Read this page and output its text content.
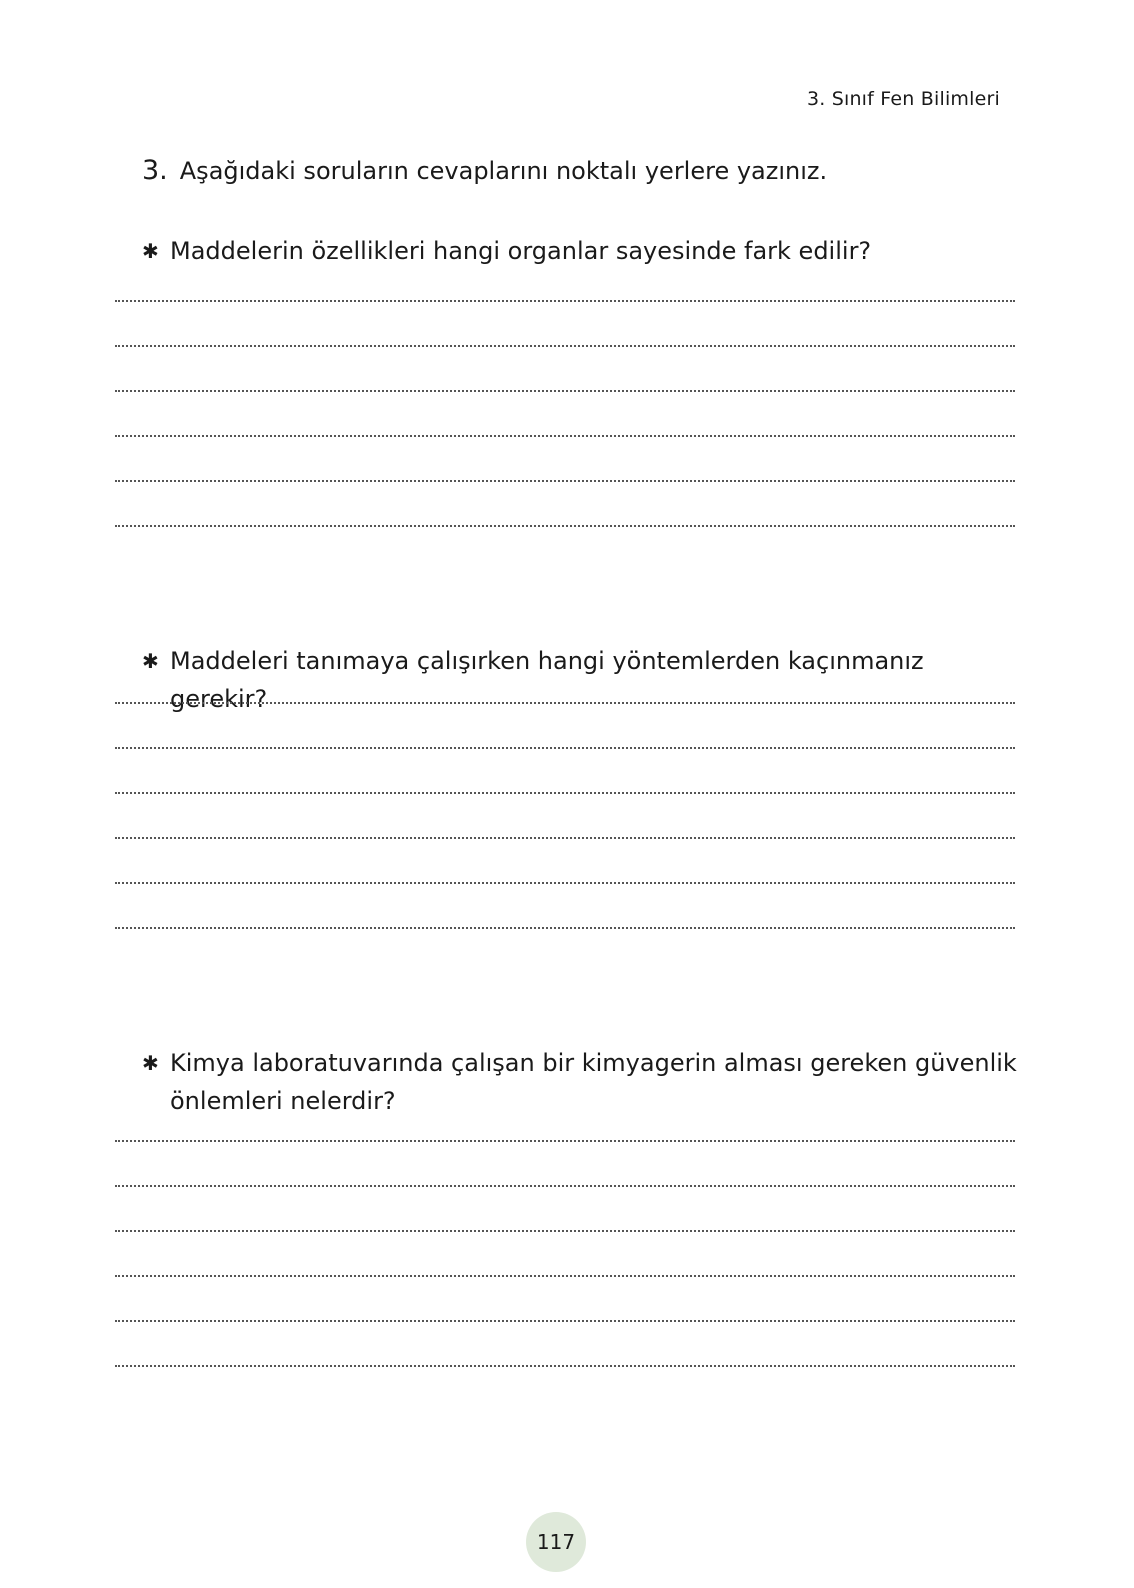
3. Sınıf Fen Bilimleri
3. Aşağıdaki soruların cevaplarını noktalı yerlere yazınız.
✱ Maddelerin özellikleri hangi organlar sayesinde fark edilir?
✱ Maddeleri tanımaya çalışırken hangi yöntemlerden kaçınmanız gerekir?
✱ Kimya laboratuvarında çalışan bir kimyagerin alması gereken güvenlik önlemleri nelerdir?
117
